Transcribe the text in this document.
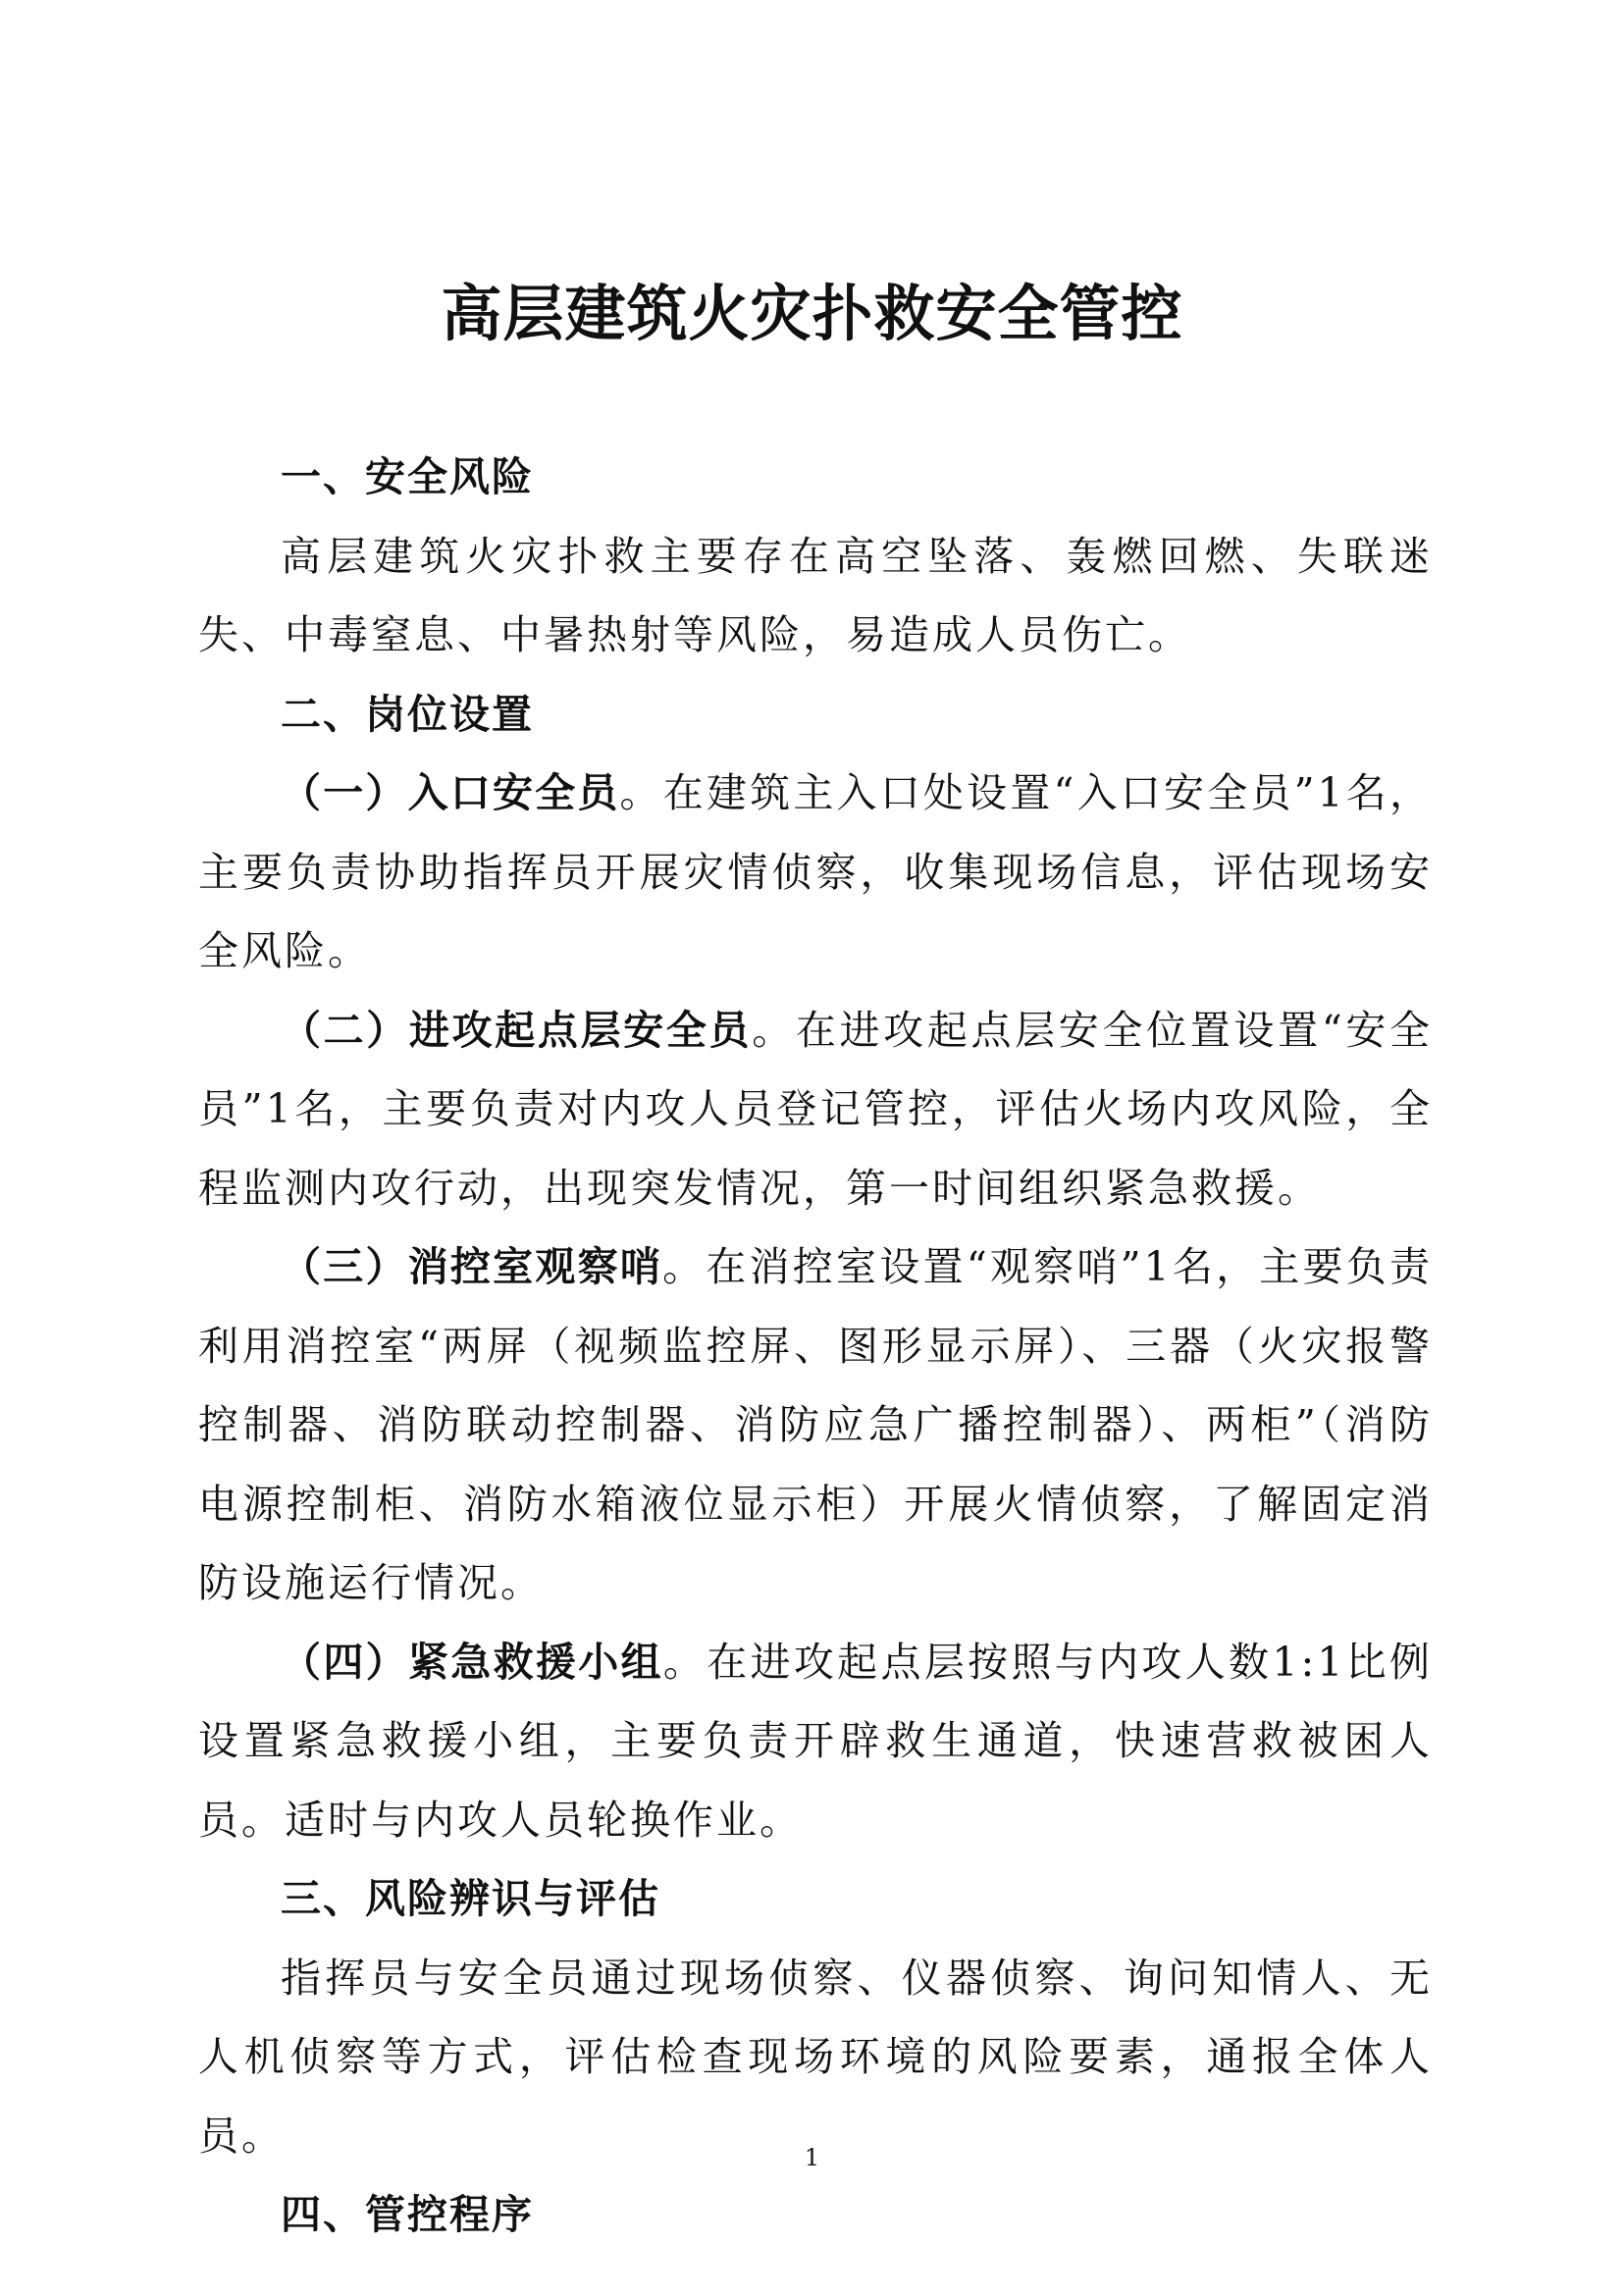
高层建筑火灾扑救安全管控
一、安全风险

高层建筑火灾扑救主要存在高空坠落、轰燃回燃、失联迷失、中毒窒息、中暑热射等风险，易造成人员伤亡。

二、岗位设置

（一）入口安全员。在建筑主入口处设置“入口安全员”1名，主要负责协助指挥员开展灾情侦察，收集现场信息，评估现场安全风险。

（二）进攻起点层安全员。在进攻起点层安全位置设置“安全员”1名，主要负责对内攻人员登记管控，评估火场内攻风险，全程监测内攻行动，出现突发情况，第一时间组织紧急救援。

（三）消控室观察哨。在消控室设置“观察哨”1名，主要负责利用消控室“两屏（视频监控屏、图形显示屏）、三器（火灾报警控制器、消防联动控制器、消防应急广播控制器）、两柜”（消防电源控制柜、消防水箱液位显示柜）开展火情侦察，了解固定消防设施运行情况。

（四）紧急救援小组。在进攻起点层按照与内攻人数1:1比例设置紧急救援小组，主要负责开辟救生通道，快速营救被困人员。适时与内攻人员轮换作业。

三、风险辨识与评估

指挥员与安全员通过现场侦察、仪器侦察、询问知情人、无人机侦察等方式，评估检查现场环境的风险要素，通报全体人员。

四、管控程序
1
